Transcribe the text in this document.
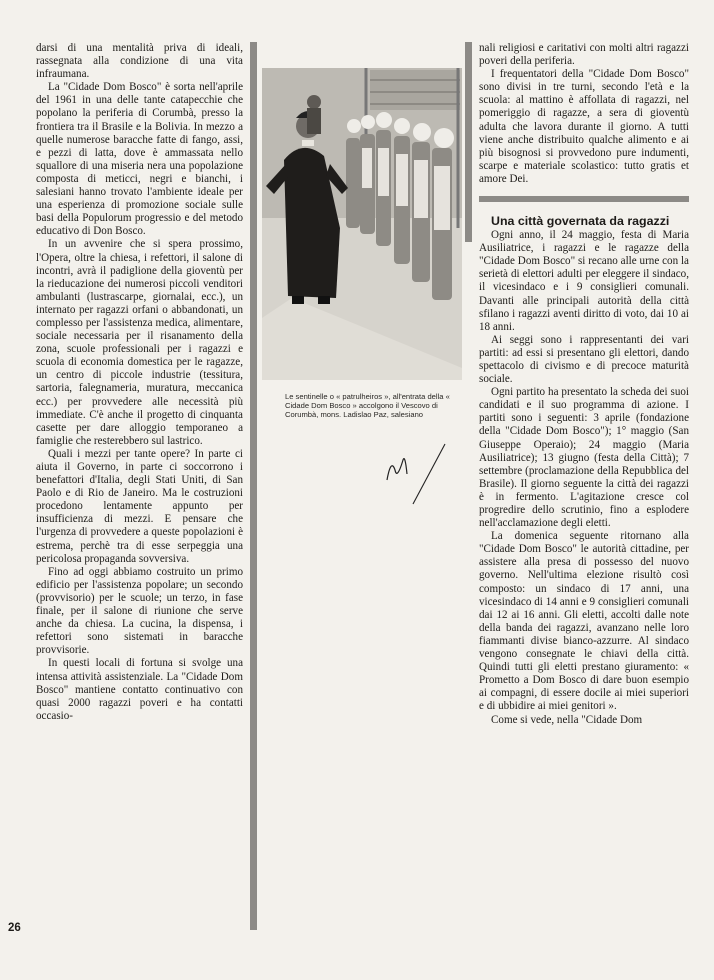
darsi di una mentalità priva di ideali, rassegnata alla condizione di una vita infraumana.

La "Cidade Dom Bosco" è sorta nell'aprile del 1961 in una delle tante catapecchie che popolano la periferia di Corumbà, presso la frontiera tra il Brasile e la Bolivia. In mezzo a quelle numerose baracche fatte di fango, assi, e pezzi di latta, dove è ammassata nello squallore di una miseria nera una popolazione composta di meticci, negri e bianchi, i salesiani hanno trovato l'ambiente ideale per una esperienza di promozione sociale sulle basi della Populorum progressio e del metodo educativo di Don Bosco.

In un avvenire che si spera prossimo, l'Opera, oltre la chiesa, i refettori, il salone di incontri, avrà il padiglione della gioventù per la rieducazione dei numerosi piccoli venditori ambulanti (lustrascarpe, giornalai, ecc.), un internato per ragazzi orfani o abbandonati, un complesso per l'assistenza medica, alimentare, sociale necessaria per il risanamento della zona, scuole professionali per i ragazzi e scuola di economia domestica per le ragazze, un centro di piccole industrie (tessitura, sartoria, falegnameria, muratura, meccanica ecc.) per provvedere alle necessità più immediate. C'è anche il progetto di cinquanta casette per dare alloggio temporaneo a famiglie che resterebbero sul lastrico.

Quali i mezzi per tante opere? In parte ci aiuta il Governo, in parte ci soccorrono i benefattori d'Italia, degli Stati Uniti, di San Paolo e di Rio de Janeiro. Ma le costruzioni procedono lentamente appunto per insufficienza di mezzi. E pensare che l'urgenza di provvedere a queste popolazioni è estrema, perchè tra di esse serpeggia una pericolosa propaganda sovversiva.

Fino ad oggi abbiamo costruito un primo edificio per l'assistenza popolare; un secondo (provvisorio) per le scuole; un terzo, in fase finale, per il salone di riunione che serve anche da chiesa. La cucina, la dispensa, i refettori sono sistemati in baracche provvisorie.

In questi locali di fortuna si svolge una intensa attività assistenziale. La "Cidade Dom Bosco" mantiene contatto continuativo con quasi 2000 ragazzi poveri e ha contatti occasio-

Le sentinelle o « patrulheiros », all'entrata della « Cidade Dom Bosco » accolgono il Vescovo di Corumbà, mons. Ladislao Paz, salesiano

nali religiosi e caritativi con molti altri ragazzi poveri della periferia.

I frequentatori della "Cidade Dom Bosco" sono divisi in tre turni, secondo l'età e la scuola: al mattino è affollata di ragazzi, nel pomeriggio di ragazze, a sera di gioventù adulta che lavora durante il giorno. A tutti viene anche distribuito qualche alimento e ai più bisognosi si provvedono pure indumenti, scarpe e materiale scolastico: tutto gratis et amore Dei.

Una città governata da ragazzi

Ogni anno, il 24 maggio, festa di Maria Ausiliatrice, i ragazzi e le ragazze della "Cidade Dom Bosco" si recano alle urne con la serietà di elettori adulti per eleggere il sindaco, il vicesindaco e i 9 consiglieri comunali. Davanti alle principali autorità della città sfilano i ragazzi aventi diritto di voto, dai 10 ai 18 anni.

Ai seggi sono i rappresentanti dei vari partiti: ad essi si presentano gli elettori, dando spettacolo di civismo e di precoce maturità sociale.

Ogni partito ha presentato la scheda dei suoi candidati e il suo programma di azione. I partiti sono i seguenti: 3 aprile (fondazione della "Cidade Dom Bosco"); 1° maggio (San Giuseppe Operaio); 24 maggio (Maria Ausiliatrice); 13 giugno (festa della Città); 7 settembre (proclamazione della Repubblica del Brasile). Il giorno seguente la città dei ragazzi è in fermento. L'agitazione cresce col progredire dello scrutinio, fino a esplodere nell'acclamazione degli eletti.

La domenica seguente ritornano alla "Cidade Dom Bosco" le autorità cittadine, per assistere alla presa di possesso del nuovo governo. Nell'ultima elezione risultò così composto: un sindaco di 17 anni, una vicesindaco di 14 anni e 9 consiglieri comunali dai 12 ai 16 anni. Gli eletti, accolti dalle note della banda dei ragazzi, avanzano nelle loro fiammanti divise bianco-azzurre. Al sindaco vengono consegnate le chiavi della città. Quindi tutti gli eletti prestano giuramento: « Prometto a Dom Bosco di dare buon esempio ai compagni, di essere docile ai miei superiori e di ubbidire ai miei genitori ».

Come si vede, nella "Cidade Dom

26
